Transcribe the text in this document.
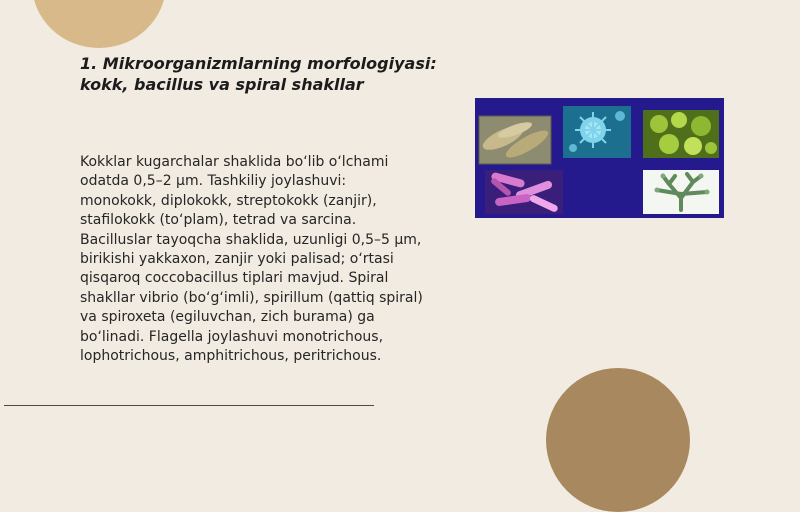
1. Mikroorganizmlarning morfologiyasi: kokk, bacillus va spiral shakllar

Kokklar kugarchalar shaklida bo‘lib o‘lchami odatda 0,5–2 µm. Tashkiliy joylashuvi: monokokk, diplokokk, streptokokk (zanjir), stafilokokk (to‘plam), tetrad va sarcina. Bacilluslar tayoqcha shaklida, uzunligi 0,5–5 µm, birikishi yakkaxon, zanjir yoki palisad; o‘rtasi qisqaroq coccobacillus tiplari mavjud. Spiral shakllar vibrio (bo‘g‘imli), spirillum (qattiq spiral) va spiroxeta (egiluvchan, zich burama) ga bo‘linadi. Flagella joylashuvi monotrichous, lophotrichous, amphitrichous, peritrichous.
